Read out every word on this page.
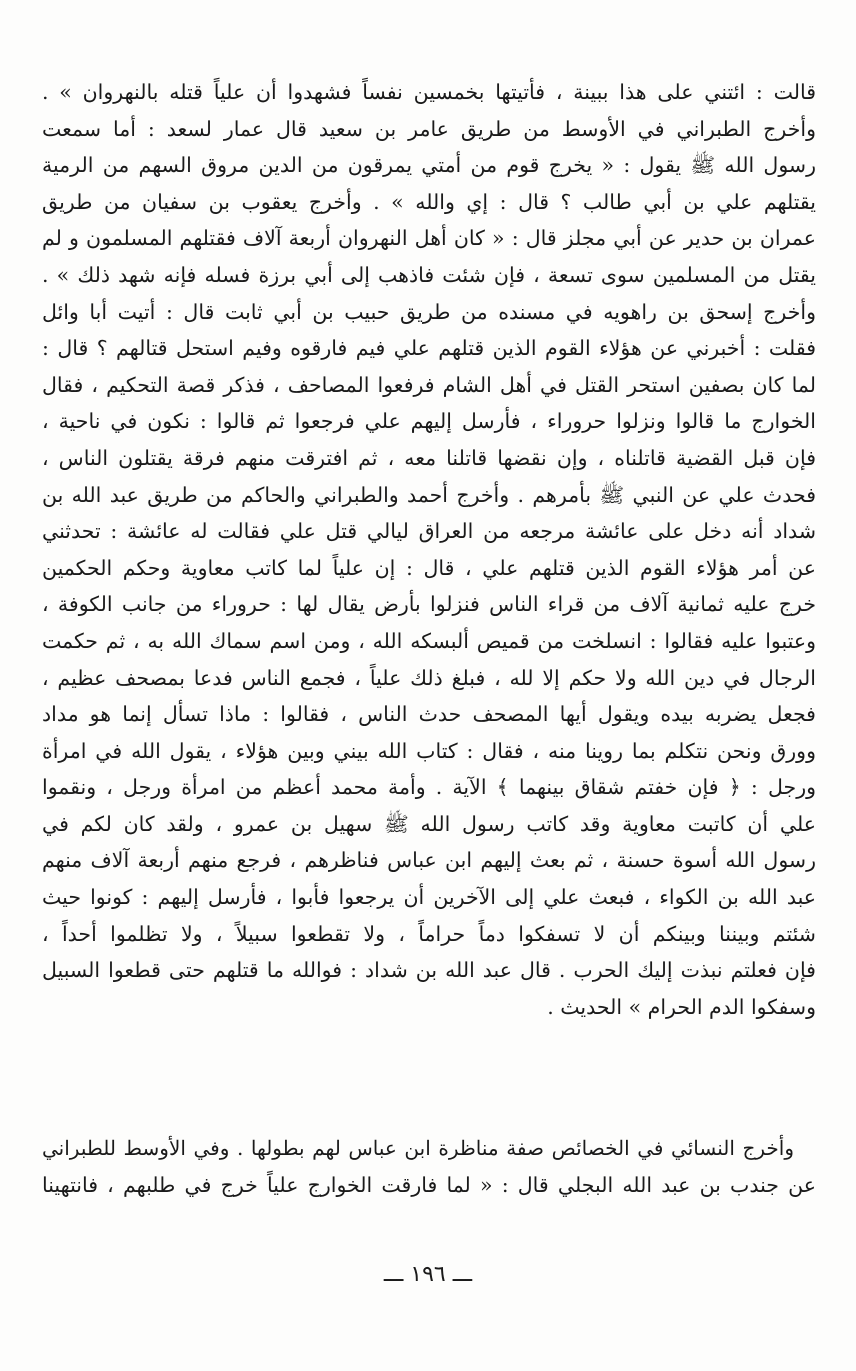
قالت : ائتني على هذا ببينة ، فأتيتها بخمسين نفساً فشهدوا أن علياً قتله بالنهروان » .
وأخرج الطبراني في الأوسط من طريق عامر بن سعيد قال عمار لسعد : أما سمعت
رسول الله ﷺ يقول : « يخرج قوم من أمتي يمرقون من الدين مروق السهم من الرمية
يقتلهم علي بن أبي طالب ؟ قال : إي والله » . وأخرج يعقوب بن سفيان من طريق
عمران بن حدير عن أبي مجلز قال : « كان أهل النهروان أربعة آلاف فقتلهم المسلمون و لم
يقتل من المسلمين سوى تسعة ، فإن شئت فاذهب إلى أبي برزة فسله فإنه شهد ذلك » .
وأخرج إسحق بن راهويه في مسنده من طريق حبيب بن أبي ثابت قال : أتيت أبا وائل
فقلت : أخبرني عن هؤلاء القوم الذين قتلهم علي فيم فارقوه وفيم استحل قتالهم ؟ قال :
لما كان بصفين استحر القتل في أهل الشام فرفعوا المصاحف ، فذكر قصة التحكيم ، فقال
الخوارج ما قالوا ونزلوا حروراء ، فأرسل إليهم علي فرجعوا ثم قالوا : نكون في ناحية ،
فإن قبل القضية قاتلناه ، وإن نقضها قاتلنا معه ، ثم افترقت منهم فرقة يقتلون الناس ،
فحدث علي عن النبي ﷺ بأمرهم . وأخرج أحمد والطبراني والحاكم من طريق عبد الله بن
شداد أنه دخل على عائشة مرجعه من العراق ليالي قتل علي فقالت له عائشة : تحدثني
عن أمر هؤلاء القوم الذين قتلهم علي ، قال : إن علياً لما كاتب معاوية وحكم الحكمين
خرج عليه ثمانية آلاف من قراء الناس فنزلوا بأرض يقال لها : حروراء من جانب الكوفة ،
وعتبوا عليه فقالوا : انسلخت من قميص ألبسكه الله ، ومن اسم سماك الله به ، ثم حكمت
الرجال في دين الله ولا حكم إلا لله ، فبلغ ذلك علياً ، فجمع الناس فدعا بمصحف عظيم ،
فجعل يضربه بيده ويقول أيها المصحف حدث الناس ، فقالوا : ماذا تسأل إنما هو مداد
وورق ونحن نتكلم بما روينا منه ، فقال : كتاب الله بيني وبين هؤلاء ، يقول الله في امرأة
ورجل : ﴿ فإن خفتم شقاق بينهما ﴾ الآية . وأمة محمد أعظم من امرأة ورجل ، ونقموا
علي أن كاتبت معاوية وقد كاتب رسول الله ﷺ سهيل بن عمرو ، ولقد كان لكم في
رسول الله أسوة حسنة ، ثم بعث إليهم ابن عباس فناظرهم ، فرجع منهم أربعة آلاف منهم
عبد الله بن الكواء ، فبعث علي إلى الآخرين أن يرجعوا فأبوا ، فأرسل إليهم : كونوا حيث
شئتم وبيننا وبينكم أن لا تسفكوا دماً حراماً ، ولا تقطعوا سبيلاً ، ولا تظلموا أحداً ،
فإن فعلتم نبذت إليك الحرب . قال عبد الله بن شداد : فوالله ما قتلهم حتى قطعوا السبيل
وسفكوا الدم الحرام » الحديث .
وأخرج النسائي في الخصائص صفة مناظرة ابن عباس لهم بطولها . وفي الأوسط للطبراني
عن جندب بن عبد الله البجلي قال : « لما فارقت الخوارج علياً خرج في طلبهم ، فانتهينا
ـــ ١٩٦ ـــ
